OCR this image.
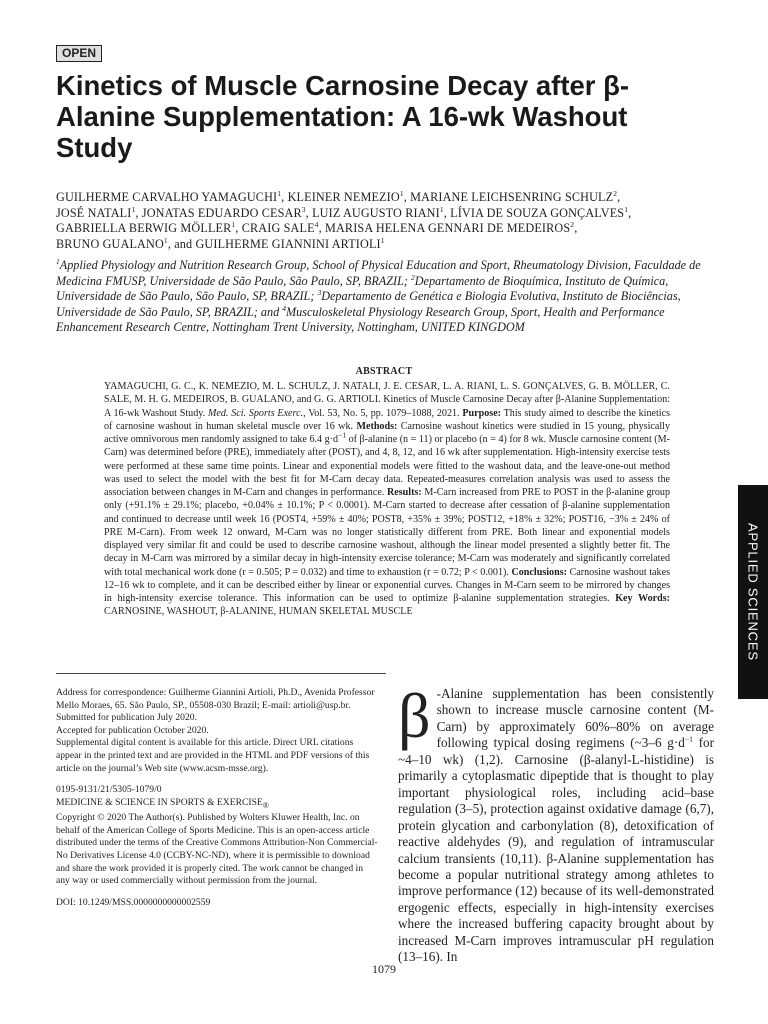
OPEN
Kinetics of Muscle Carnosine Decay after β-Alanine Supplementation: A 16-wk Washout Study

GUILHERME CARVALHO YAMAGUCHI$^1$, KLEINER NEMEZIO$^1$, MARIANE LEICHSENRING SCHULZ$^2$,
JOSÉ NATALI$^1$, JONATAS EDUARDO CESAR$^3$, LUIZ AUGUSTO RIANI$^1$, LÍVIA DE SOUZA GONÇALVES$^1$,
GABRIELLA BERWIG MÖLLER$^1$, CRAIG SALE$^4$, MARISA HELENA GENNARI DE MEDEIROS$^2$,
BRUNO GUALANO$^1$, and GUILHERME GIANNINI ARTIOLI$^1$

$^1$Applied Physiology and Nutrition Research Group, School of Physical Education and Sport, Rheumatology Division, Faculdade de Medicina FMUSP, Universidade de São Paulo, São Paulo, SP, BRAZIL; $^2$Departamento de Bioquímica, Instituto de Química, Universidade de São Paulo, São Paulo, SP, BRAZIL; $^3$Departamento de Genética e Biologia Evolutiva, Instituto de Biociências, Universidade de São Paulo, SP, BRAZIL; and $^4$Musculoskeletal Physiology Research Group, Sport, Health and Performance Enhancement Research Centre, Nottingham Trent University, Nottingham, UNITED KINGDOM

ABSTRACT

YAMAGUCHI, G. C., K. NEMEZIO, M. L. SCHULZ, J. NATALI, J. E. CESAR, L. A. RIANI, L. S. GONÇALVES, G. B. MÖLLER, C. SALE, M. H. G. MEDEIROS, B. GUALANO, and G. G. ARTIOLI. Kinetics of Muscle Carnosine Decay after β-Alanine Supplementation: A 16-wk Washout Study. Med. Sci. Sports Exerc., Vol. 53, No. 5, pp. 1079–1088, 2021. Purpose: This study aimed to describe the kinetics of carnosine washout in human skeletal muscle over 16 wk. Methods: Carnosine washout kinetics were studied in 15 young, physically active omnivorous men randomly assigned to take 6.4 $g\cdot d^{-1}$ of β-alanine (n = 11) or placebo (n = 4) for 8 wk. Muscle carnosine content (M-Carn) was determined before (PRE), immediately after (POST), and 4, 8, 12, and 16 wk after supplementation. High-intensity exercise tests were performed at these same time points. Linear and exponential models were fitted to the washout data, and the leave-one-out method was used to select the model with the best fit for M-Carn decay data. Repeated-measures correlation analysis was used to assess the association between changes in M-Carn and changes in performance. Results: M-Carn increased from PRE to POST in the β-alanine group only (+91.1% ± 29.1%; placebo, +0.04% ± 10.1%; P < 0.0001). M-Carn started to decrease after cessation of β-alanine supplementation and continued to decrease until week 16 (POST4, +59% ± 40%; POST8, +35% ± 39%; POST12, +18% ± 32%; POST16, −3% ± 24% of PRE M-Carn). From week 12 onward, M-Carn was no longer statistically different from PRE. Both linear and exponential models displayed very similar fit and could be used to describe carnosine washout, although the linear model presented a slightly better fit. The decay in M-Carn was mirrored by a similar decay in high-intensity exercise tolerance; M-Carn was moderately and significantly correlated with total mechanical work done (r = 0.505; P = 0.032) and time to exhaustion (r = 0.72; P < 0.001). Conclusions: Carnosine washout takes 12–16 wk to complete, and it can be described either by linear or exponential curves. Changes in M-Carn seem to be mirrored by changes in high-intensity exercise tolerance. This information can be used to optimize β-alanine supplementation strategies. Key Words: CARNOSINE, WASHOUT, β-ALANINE, HUMAN SKELETAL MUSCLE	APPLIED SCIENCES

Address for correspondence: Guilherme Giannini Artioli, Ph.D., Avenida Professor Mello Moraes, 65. São Paulo, SP., 05508-030 Brazil; E-mail: artioli@usp.br.

Submitted for publication July 2020.

Accepted for publication October 2020.

Supplemental digital content is available for this article. Direct URL citations appear in the printed text and are provided in the HTML and PDF versions of this article on the journal’s Web site (www.acsm-msse.org).

0195-9131/21/5305-1079/0

MEDICINE & SCIENCE IN SPORTS & $EXERCISE_®$

Copyright © 2020 The Author(s). Published by Wolters Kluwer Health, Inc. on behalf of the American College of Sports Medicine. This is an open-access article distributed under the terms of the Creative Commons Attribution-Non Commercial-No Derivatives License 4.0 (CCBY-NC-ND), where it is permissible to download and share the work provided it is properly cited. The work cannot be changed in any way or used commercially without permission from the journal.

DOI: 10.1249/MSS.0000000000002559

β -Alanine supplementation has been consistently shown to increase muscle carnosine content (M-Carn) by approximately 60%–80% on average following typical dosing regimens (~3–6 $g\cdot d^{-1}$ for ~4–10 wk) (1,2). Carnosine (β-alanyl-L-histidine) is primarily a cytoplasmatic dipeptide that is thought to play important physiological roles, including acid–base regulation (3–5), protection against oxidative damage (6,7), protein glycation and carbonylation (8), detoxification of reactive aldehydes (9), and regulation of intramuscular calcium transients (10,11). β-Alanine supplementation has become a popular nutritional strategy among athletes to improve performance (12) because of its well-demonstrated ergogenic effects, especially in high-intensity exercises where the increased buffering capacity brought about by increased M-Carn improves intramuscular pH regulation (13–16). In

1079
